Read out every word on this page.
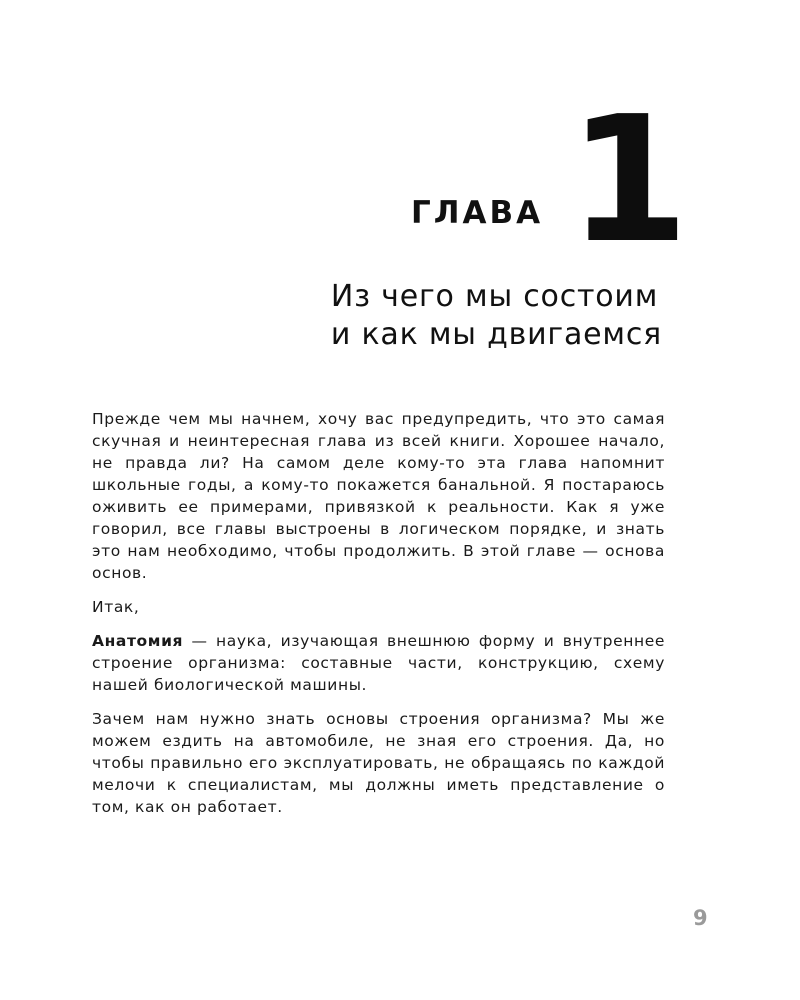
ГЛАВА 1
Из чего мы состоим
и как мы двигаемся

Прежде чем мы начнем, хочу вас предупредить, что это самая скучная и неинтересная глава из всей книги. Хорошее начало, не правда ли? На самом деле кому-то эта глава напомнит школьные годы, а кому-то покажется банальной. Я постараюсь оживить ее примерами, привязкой к реальности. Как я уже говорил, все главы выстроены в логическом порядке, и знать это нам необходимо, чтобы продолжить. В этой главе — основа основ.

Итак,

Анатомия — наука, изучающая внешнюю форму и внутреннее строение организма: составные части, конструкцию, схему нашей биологической машины.

Зачем нам нужно знать основы строения организма? Мы же можем ездить на автомобиле, не зная его строения. Да, но чтобы правильно его эксплуатировать, не обращаясь по каждой мелочи к специалистам, мы должны иметь представление о том, как он работает.

9
